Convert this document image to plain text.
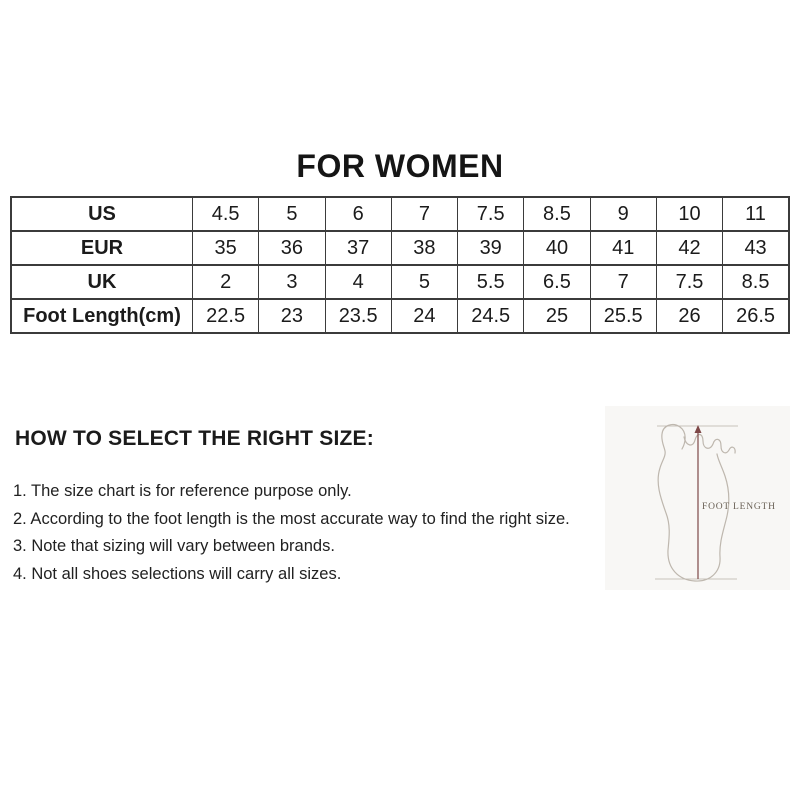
FOR WOMEN
US	4.5	5	6	7	7.5	8.5	9	10	11
EUR	35	36	37	38	39	40	41	42	43
UK	2	3	4	5	5.5	6.5	7	7.5	8.5
Foot Length(cm)	22.5	23	23.5	24	24.5	25	25.5	26	26.5
HOW TO SELECT THE RIGHT SIZE:
1. The size chart is for reference purpose only.
2. According to the foot length is the most accurate way to find the right size.
3. Note that sizing will vary between brands.
4. Not all shoes selections will carry all sizes.
FOOT LENGTH
